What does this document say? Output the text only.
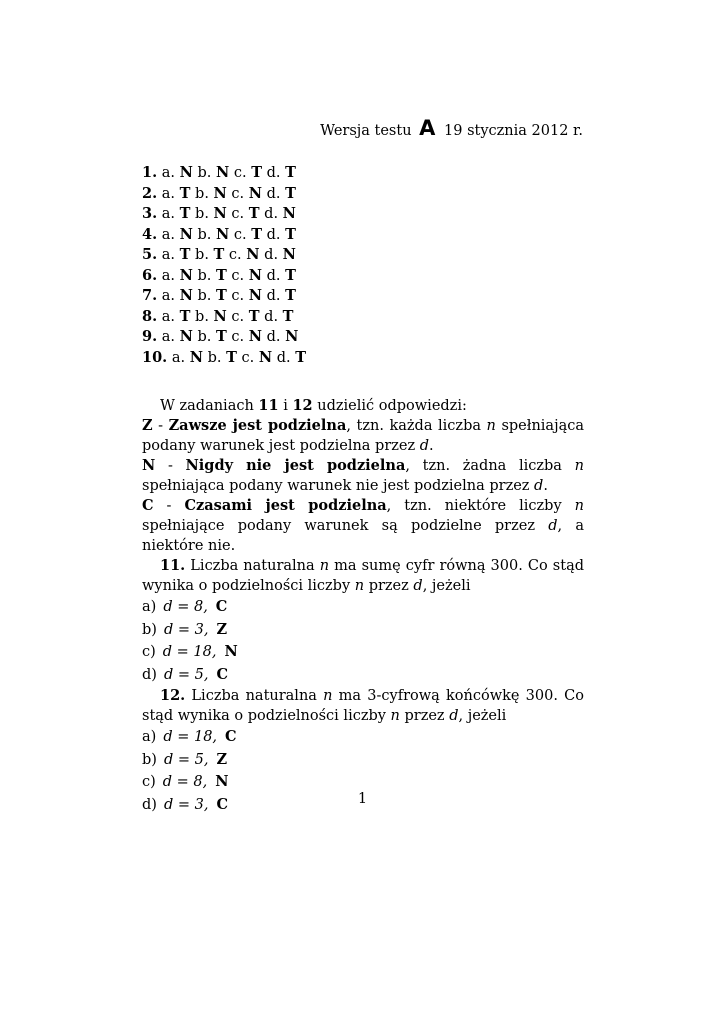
Wersja testu A 19 stycznia 2012 r.
1. a. N b. N c. T d. T
2. a. T b. N c. N d. T
3. a. T b. N c. T d. N
4. a. N b. N c. T d. T
5. a. T b. T c. N d. N
6. a. N b. T c. N d. T
7. a. N b. T c. N d. T
8. a. T b. N c. T d. T
9. a. N b. T c. N d. N
10. a. N b. T c. N d. T

W zadaniach 11 i 12 udzielić odpowiedzi:

Z - Zawsze jest podzielna, tzn. każda liczba n spełniająca podany warunek jest podzielna przez d.

N - Nigdy nie jest podzielna, tzn. żadna liczba n spełniająca podany warunek nie jest podzielna przez d.

C - Czasami jest podzielna, tzn. niektóre liczby n spełniające podany warunek są podzielne przez d, a niektóre nie.

11. Liczba naturalna n ma sumę cyfr równą 300. Co stąd wynika o podzielności liczby n przez d, jeżeli

a) d = 8, C
b) d = 3, Z
c) d = 18, N
d) d = 5, C

12. Liczba naturalna n ma 3-cyfrową końcówkę 300. Co stąd wynika o podzielności liczby n przez d, jeżeli

a) d = 18, C
b) d = 5, Z
c) d = 8, N
d) d = 3, C	1
